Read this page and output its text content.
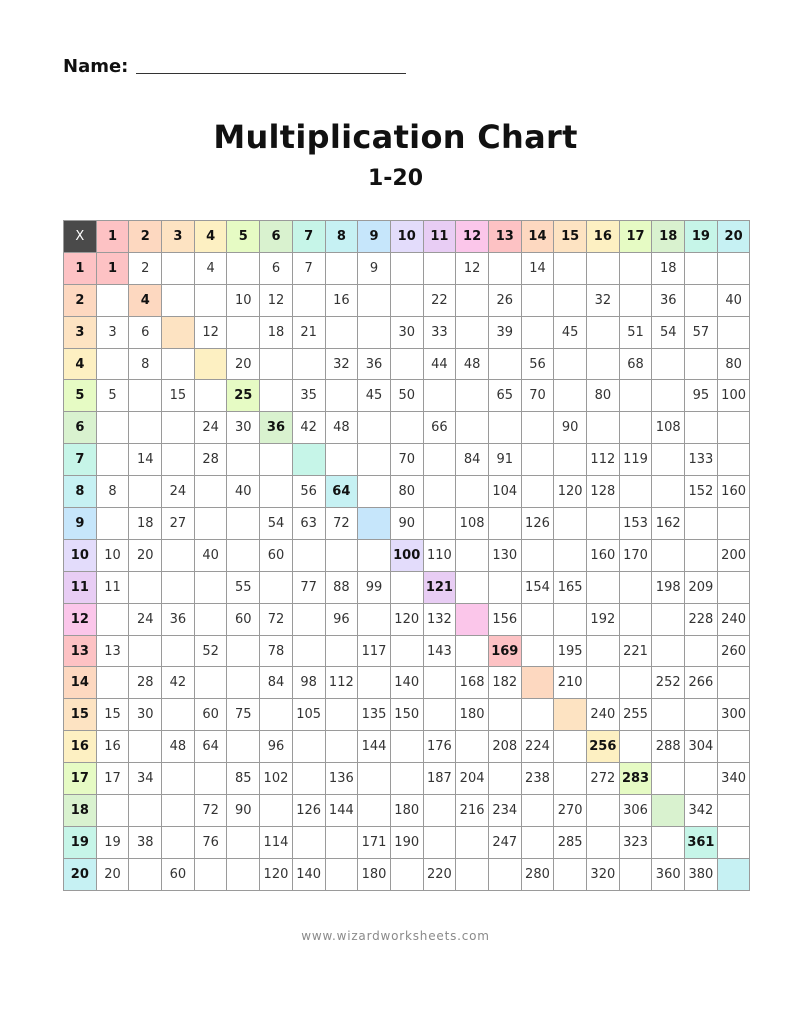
Name:
Multiplication Chart
1-20
X	1	2	3	4	5	6	7	8	9	10	11	12	13	14	15	16	17	18	19	20
1	1	2		4		6	7		9			12		14				18		
2		4			10	12		16			22		26			32		36		40
3	3	6		12		18	21			30	33		39		45		51	54	57	
4		8			20			32	36		44	48		56			68			80
5	5		15		25		35		45	50			65	70		80			95	100
6				24	30	36	42	48			66				90			108		
7		14		28						70		84	91			112	119		133	
8	8		24		40		56	64		80			104		120	128			152	160
9		18	27			54	63	72		90		108		126			153	162		
10	10	20		40		60				100	110		130			160	170			200
11	11				55		77	88	99		121			154	165			198	209	
12		24	36		60	72		96		120	132		156			192			228	240
13	13			52		78			117		143		169		195		221			260
14		28	42			84	98	112		140		168	182		210			252	266	
15	15	30		60	75		105		135	150		180				240	255			300
16	16		48	64		96			144		176		208	224		256		288	304	
17	17	34			85	102		136			187	204		238		272	283			340
18				72	90		126	144		180		216	234		270		306		342	
19	19	38		76		114			171	190			247		285		323		361	
20	20		60			120	140		180		220			280		320		360	380	
www.wizardworksheets.com
